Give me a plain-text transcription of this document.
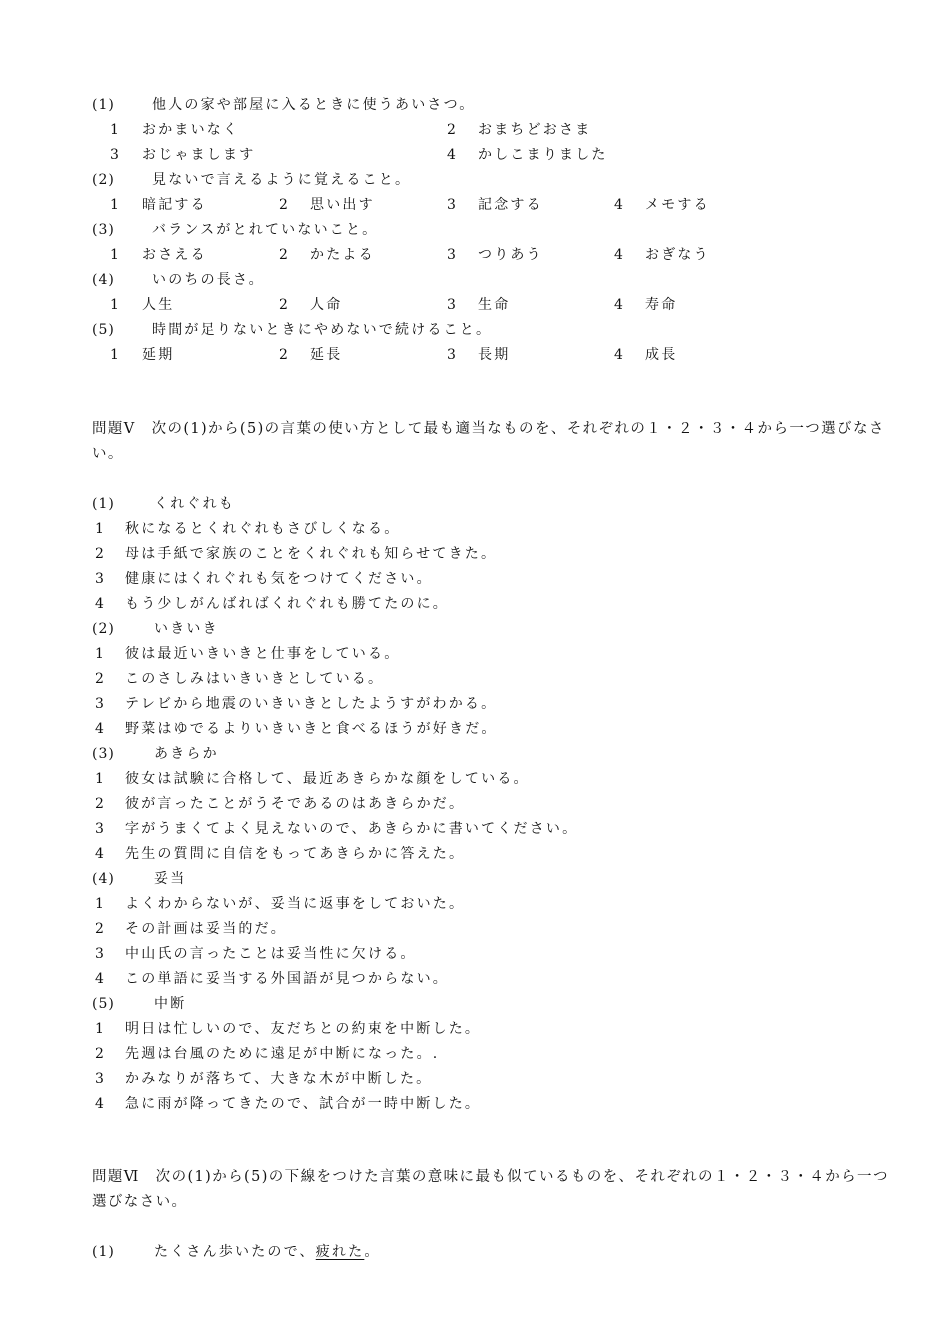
(1)	他人の家や部屋に入るときに使うあいさつ。
1 おかまいなく	2 おまちどおさま
3 おじゃまします	4 かしこまりました
(2)	見ないで言えるように覚えること。
1 暗記する	2 思い出す	3 記念する	4 メモする
(3)	バランスがとれていないこと。
1 おさえる	2 かたよる	3 つりあう	4 おぎなう
(4)	いのちの長さ。
1 人生	2 人命	3 生命	4 寿命
(5)	時間が足りないときにやめないで続けること。
1 延期	2 延長	3 長期	4 成長
問題Ⅴ　次の(1)から(5)の言葉の使い方として最も適当なものを、それぞれの１・２・３・４から一つ選びなさい。
(1)	くれぐれも
1 秋になるとくれぐれもさびしくなる。
2 母は手紙で家族のことをくれぐれも知らせてきた。
3 健康にはくれぐれも気をつけてください。
4 もう少しがんばればくれぐれも勝てたのに。
(2)	いきいき
1 彼は最近いきいきと仕事をしている。
2 このさしみはいきいきとしている。
3 テレビから地震のいきいきとしたようすがわかる。
4 野菜はゆでるよりいきいきと食べるほうが好きだ。
(3)	あきらか
1 彼女は試験に合格して、最近あきらかな顔をしている。
2 彼が言ったことがうそであるのはあきらかだ。
3 字がうまくてよく見えないので、あきらかに書いてください。
4 先生の質問に自信をもってあきらかに答えた。
(4)	妥当
1 よくわからないが、妥当に返事をしておいた。
2 その計画は妥当的だ。
3 中山氏の言ったことは妥当性に欠ける。
4 この単語に妥当する外国語が見つからない。
(5)	中断
1 明日は忙しいので、友だちとの約束を中断した。
2 先週は台風のために遠足が中断になった。.
3 かみなりが落ちて、大きな木が中断した。
4 急に雨が降ってきたので、試合が一時中断した。
問題Ⅵ　次の(1)から(5)の下線をつけた言葉の意味に最も似ているものを、それぞれの１・２・３・４から一つ選びなさい。
(1)	たくさん歩いたので、疲れた。
